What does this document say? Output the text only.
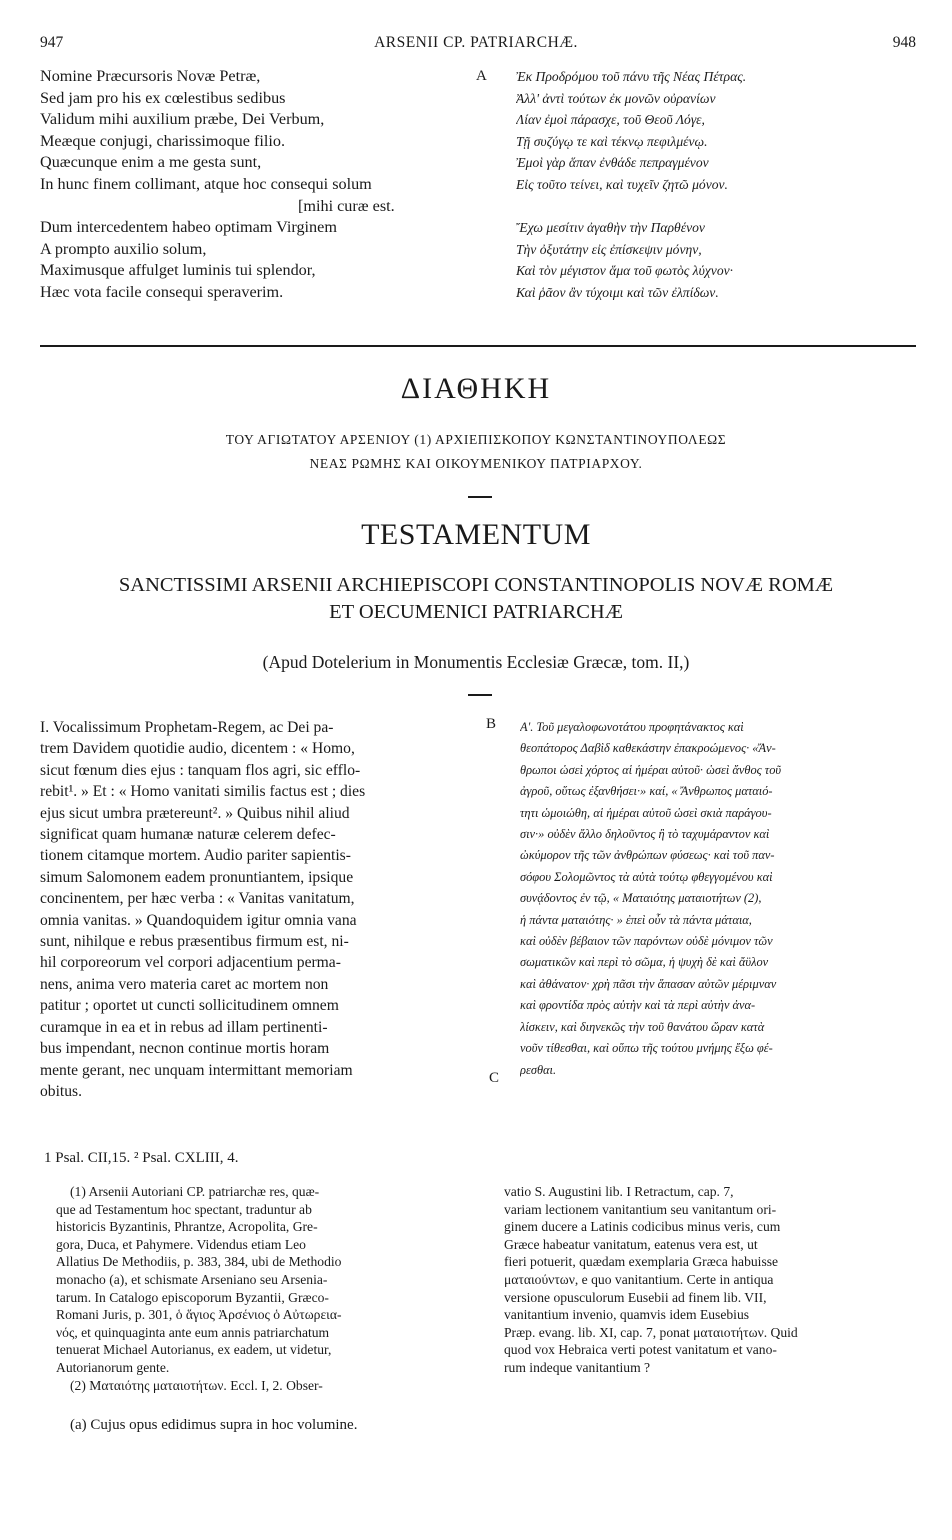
947	ARSENII CP. PATRIARCHÆ.	948
Nomine Præcursoris Novæ Petræ,
Sed jam pro his ex cœlestibus sedibus
Validum mihi auxilium præbe, Dei Verbum,
Meæque conjugi, charissimoque filio.
Quæcunque enim a me gesta sunt,
In hunc finem collimant, atque hoc consequi solum
[mihi curæ est.
Dum intercedentem habeo optimam Virginem
A prompto auxilio solum,
Maximusque affulget luminis tui splendor,
Hæc vota facile consequi speraverim.
A Ἐκ Προδρόμου τοῦ πάνυ τῆς Νέας Πέτρας.
Ἀλλ' ἀντὶ τούτων ἐκ μονῶν οὐρανίων
Λίαν ἐμοὶ πάρασχε, τοῦ Θεοῦ Λόγε,
Τῇ συζύγῳ τε καὶ τέκνῳ πεφιλμένῳ.
Ἐμοὶ γὰρ ἅπαν ἐνθάδε πεπραγμένον
Εἰς τοῦτο τείνει, καὶ τυχεῖν ζητῶ μόνον.
Ἔχω μεσίτιν ἀγαθὴν τὴν Παρθένον
Τὴν ὀξυτάτην εἰς ἐπίσκεψιν μόνην,
Καὶ τὸν μέγιστον ἅμα τοῦ φωτὸς λύχνον·
Καὶ ῥᾶον ἂν τύχοιμι καὶ τῶν ἐλπίδων.
ΔΙΑΘΗΚΗ
ΤΟΥ ΑΓΙΩΤΑΤΟΥ ΑΡΣΕΝΙΟΥ (1) ΑΡΧΙΕΠΙΣΚΟΠΟΥ ΚΩΝΣΤΑΝΤΙΝΟΥΠΟΛΕΩΣ
ΝΕΑΣ ΡΩΜΗΣ ΚΑΙ ΟΙΚΟΥΜΕΝΙΚΟΥ ΠΑΤΡΙΑΡΧΟΥ.
TESTAMENTUM
SANCTISSIMI ARSENII ARCHIEPISCOPI CONSTANTINOPOLIS NOVÆ ROMÆ
ET OECUMENICI PATRIARCHÆ
(Apud Dotelerium in Monumentis Ecclesiæ Græcæ, tom. II,)
I. Vocalissimum Prophetam-Regem, ac Dei pa-
trem Davidem quotidie audio, dicentem : « Homo,
sicut fœnum dies ejus : tanquam flos agri, sic efflo-
rebit¹. » Et : « Homo vanitati similis factus est ; dies
ejus sicut umbra prætereunt². » Quibus nihil aliud
significat quam humanæ naturæ celerem defec-
tionem citamque mortem. Audio pariter sapientis-
simum Salomonem eadem pronuntiantem, ipsique
concinentem, per hæc verba : « Vanitas vanitatum,
omnia vanitas. » Quandoquidem igitur omnia vana
sunt, nihilque e rebus præsentibus firmum est, ni-
hil corporeorum vel corpori adjacentium perma-
nens, anima vero materia caret ac mortem non
patitur ; oportet ut cuncti sollicitudinem omnem
curamque in ea et in rebus ad illam pertinenti-
bus impendant, necnon continue mortis horam
mente gerant, nec unquam intermittant memoriam
obitus.
B
C
Α'. Τοῦ μεγαλοφωνοτάτου προφητάνακτος καὶ
θεοπάτορος Δαβὶδ καθεκάστην ἐπακροώμενος· «Ἄν-
θρωποι ὡσεὶ χόρτος αἱ ἡμέραι αὐτοῦ· ὡσεὶ ἄνθος τοῦ
ἀγροῦ, οὕτως ἐξανθήσει·» καί, « Ἄνθρωπος ματαιό-
τητι ὡμοιώθη, αἱ ἡμέραι αὐτοῦ ὡσεὶ σκιὰ παράγου-
σιν·» οὐδὲν ἄλλο δηλοῦντος ἢ τὸ ταχυμάραντον καὶ
ὠκύμορον τῆς τῶν ἀνθρώπων φύσεως· καὶ τοῦ παν-
σόφου Σολομῶντος τὰ αὐτὰ τούτῳ φθεγγομένου καὶ
συνᾴδοντος ἐν τῷ, « Ματαιότης ματαιοτήτων (2),
ἡ πάντα ματαιότης· » ἐπεὶ οὖν τὰ πάντα μάταια,
καὶ οὐδὲν βέβαιον τῶν παρόντων οὐδὲ μόνιμον τῶν
σωματικῶν καὶ περὶ τὸ σῶμα, ἡ ψυχὴ δὲ καὶ ἄϋλον
καὶ ἀθάνατον· χρὴ πᾶσι τὴν ἅπασαν αὐτῶν μέριμναν
καὶ φροντίδα πρὸς αὐτὴν καὶ τὰ περὶ αὐτὴν ἀνα-
λίσκειν, καὶ διηνεκῶς τὴν τοῦ θανάτου ὥραν κατὰ
νοῦν τίθεσθαι, καὶ οὕπω τῆς τούτου μνήμης ἔξω φέ-
ρεσθαι.
1 Psal. CII,15. ² Psal. CXLIII, 4.
(1) Arsenii Autoriani CP. patriarchæ res, quæ-
que ad Testamentum hoc spectant, traduntur ab
historicis Byzantinis, Phrantze, Acropolita, Gre-
gora, Duca, et Pahymere. Videndus etiam Leo
Allatius De Methodiis, p. 383, 384, ubi de Methodio
monacho (a), et schismate Arseniano seu Arsenia-
tarum. In Catalogo episcoporum Byzantii, Græco-
Romani Juris, p. 301, ὁ ἅγιος Ἀρσένιος ὁ Αὐτωρεια-
νός, et quinquaginta ante eum annis patriarchatum
tenuerat Michael Autorianus, ex eadem, ut videtur,
Autorianorum gente.
(2) Ματαιότης ματαιοτήτων. Eccl. I, 2. Obser-
vatio S. Augustini lib. I Retractum, cap. 7,
variam lectionem vanitantium seu vanitantum ori-
ginem ducere a Latinis codicibus minus veris, cum
Græce habeatur vanitatum, eatenus vera est, ut
fieri potuerit, quædam exemplaria Græca habuisse
ματαιούντων, e quo vanitantium. Certe in antiqua
versione opusculorum Eusebii ad finem lib. VII,
vanitantium invenio, quamvis idem Eusebius
Præp. evang. lib. XI, cap. 7, ponat ματαιοτήτων. Quid
quod vox Hebraica verti potest vanitatum et vano-
rum indeque vanitantium ?
(a) Cujus opus edidimus supra in hoc volumine.
